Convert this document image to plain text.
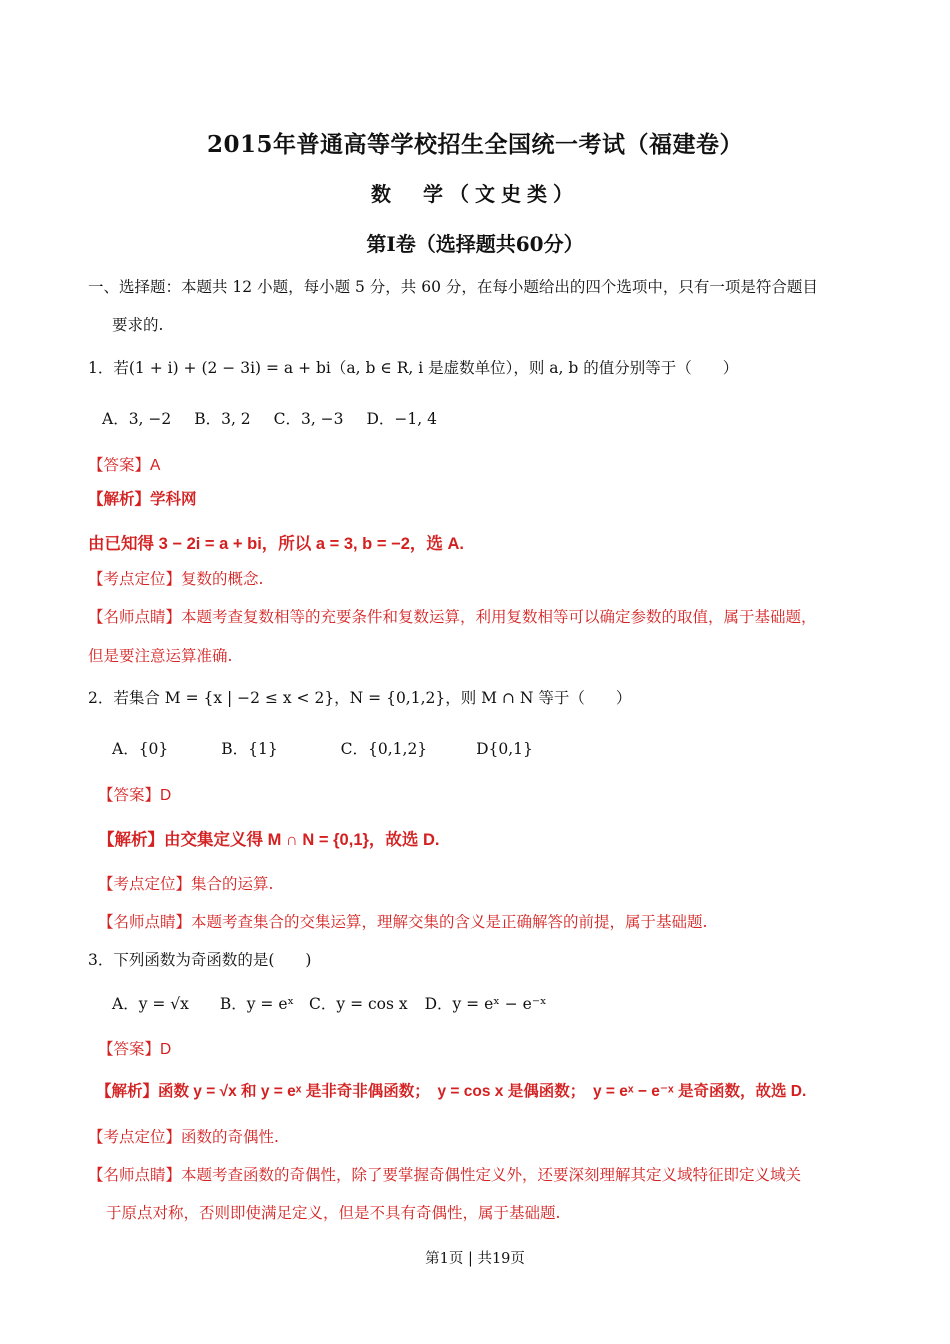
2015年普通高等学校招生全国统一考试（福建卷）
数　学（文史类）
第Ⅰ卷（选择题共60分）
一、选择题：本题共 12 小题，每小题 5 分，共 60 分，在每小题给出的四个选项中，只有一项是符合题目
要求的.
1．若(1 + i) + (2 − 3i) = a + bi（a, b ∈ R, i 是虚数单位），则 a, b 的值分别等于（　　）
A．3, −2 B．3, 2 C．3, −3 D．−1, 4
【答案】A
【解析】学科网
由已知得 3 − 2i = a + bi，所以 a = 3, b = −2，选 A.
【考点定位】复数的概念.
【名师点睛】本题考查复数相等的充要条件和复数运算，利用复数相等可以确定参数的取值，属于基础题，
但是要注意运算准确.
2．若集合 M = {x | −2 ≤ x < 2}，N = {0,1,2}，则 M ∩ N 等于（　　）
A．{0}	B．{1}	C．{0,1,2}	D{0,1}
【答案】D
【解析】由交集定义得 M ∩ N = {0,1}，故选 D.
【考点定位】集合的运算.
【名师点睛】本题考查集合的交集运算，理解交集的含义是正确解答的前提，属于基础题.
3．下列函数为奇函数的是(　　)
A．y = √x B．y = eˣ C．y = cos x D．y = eˣ − e⁻ˣ
【答案】D
【解析】函数 y = √x 和 y = eˣ 是非奇非偶函数；　y = cos x 是偶函数；　y = eˣ − e⁻ˣ 是奇函数，故选 D.
【考点定位】函数的奇偶性.
【名师点睛】本题考查函数的奇偶性，除了要掌握奇偶性定义外，还要深刻理解其定义域特征即定义域关
于原点对称，否则即使满足定义，但是不具有奇偶性，属于基础题.
第1页 | 共19页
